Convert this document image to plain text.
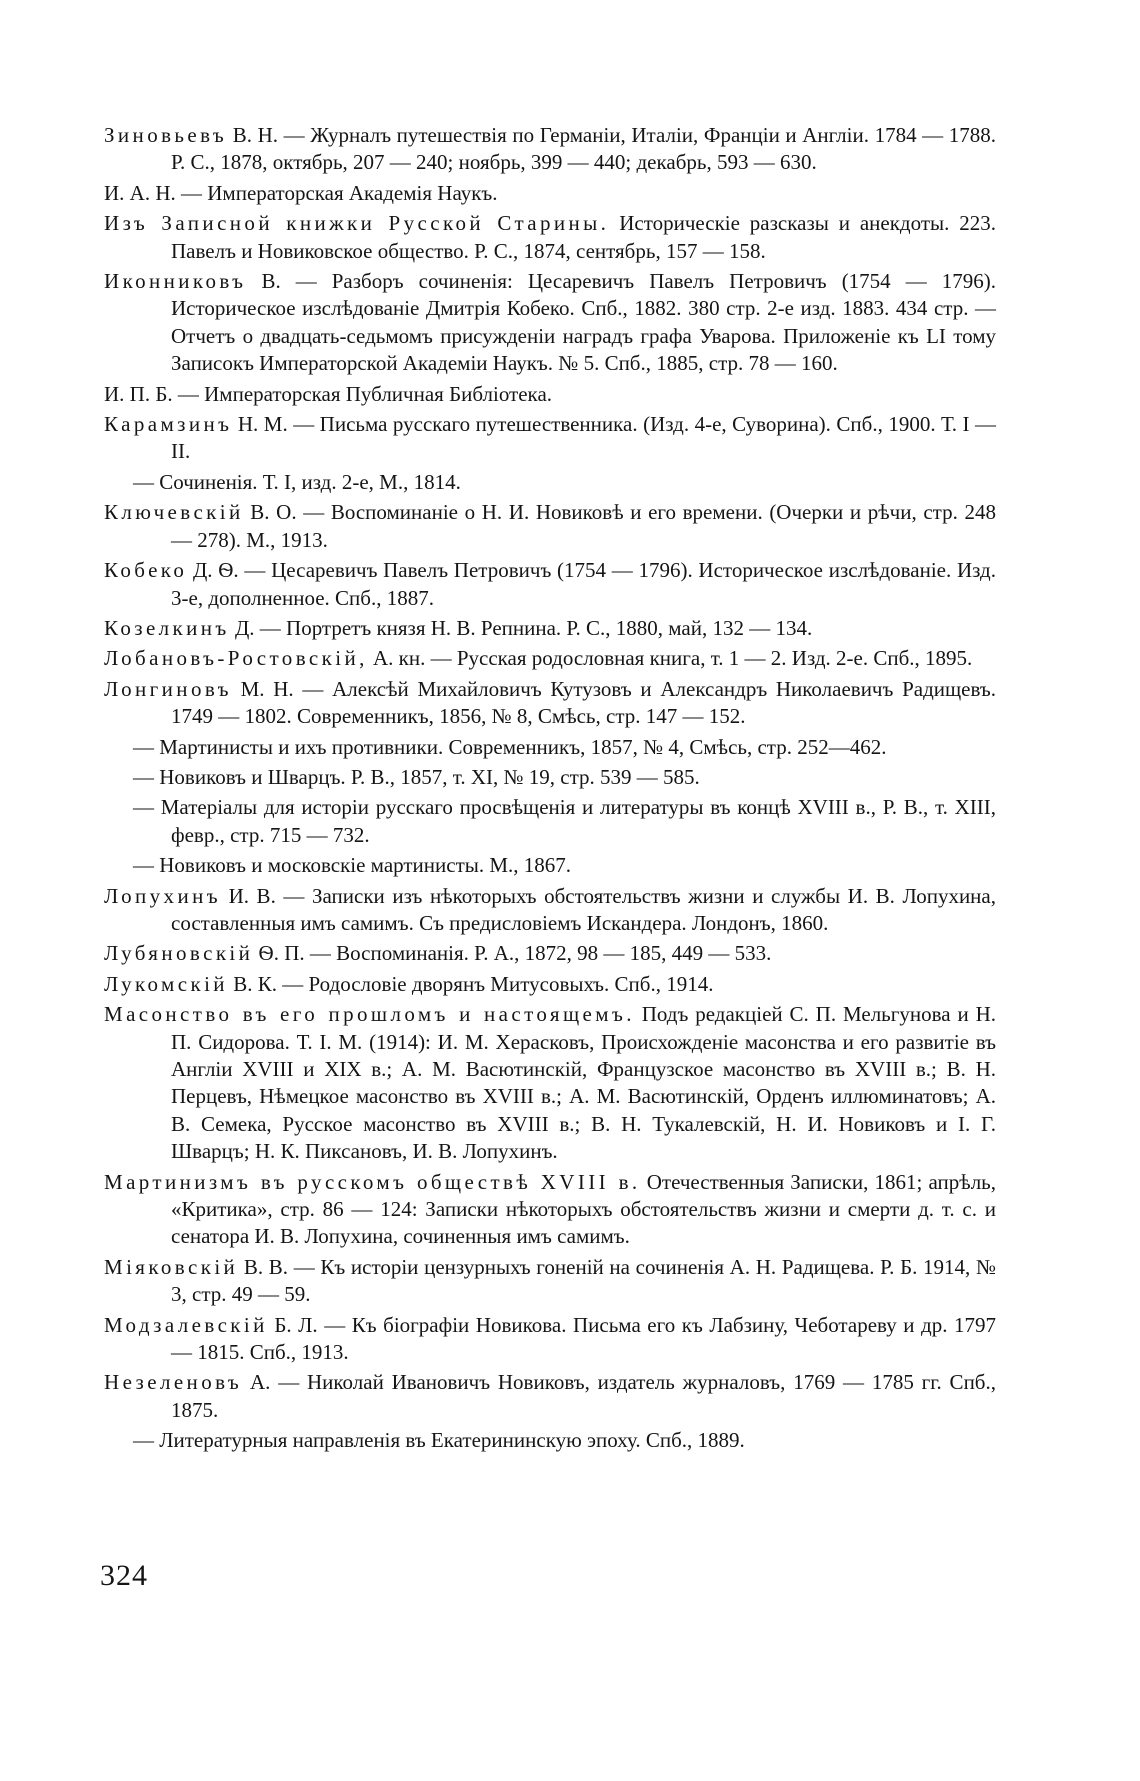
Зиновьевъ В. Н. — Журналъ путешествія по Германіи, Италіи, Франціи и Англіи. 1784 — 1788. Р. С., 1878, октябрь, 207 — 240; ноябрь, 399 — 440; декабрь, 593 — 630.

И. А. Н. — Императорская Академія Наукъ.

Изъ Записной книжки Русской Старины. Историческіе разсказы и анекдоты. 223. Павелъ и Новиковское общество. Р. С., 1874, сентябрь, 157 — 158.

Иконниковъ В. — Разборъ сочиненія: Цесаревичъ Павелъ Петровичъ (1754 — 1796). Историческое изслѣдованіе Дмитрія Кобеко. Спб., 1882. 380 стр. 2-е изд. 1883. 434 стр. — Отчетъ о двадцать-седьмомъ присужденіи наградъ графа Уварова. Приложеніе къ LI тому Записокъ Императорской Академіи Наукъ. № 5. Спб., 1885, стр. 78 — 160.

И. П. Б. — Императорская Публичная Библіотека.

Карамзинъ Н. М. — Письма русскаго путешественника. (Изд. 4-е, Суворина). Спб., 1900. Т. I — II.

— Сочиненія. Т. I, изд. 2-е, М., 1814.

Ключевскій В. О. — Воспоминаніе о Н. И. Новиковѣ и его времени. (Очерки и рѣчи, стр. 248 — 278). М., 1913.

Кобеко Д. Ѳ. — Цесаревичъ Павелъ Петровичъ (1754 — 1796). Историческое изслѣдованіе. Изд. 3-е, дополненное. Спб., 1887.

Козелкинъ Д. — Портретъ князя Н. В. Репнина. Р. С., 1880, май, 132 — 134.

Лобановъ-Ростовскій, А. кн. — Русская родословная книга, т. 1 — 2. Изд. 2-е. Спб., 1895.

Лонгиновъ М. Н. — Алексѣй Михайловичъ Кутузовъ и Александръ Николаевичъ Радищевъ. 1749 — 1802. Современникъ, 1856, № 8, Смѣсь, стр. 147 — 152.

— Мартинисты и ихъ противники. Современникъ, 1857, № 4, Смѣсь, стр. 252—462.

— Новиковъ и Шварцъ. Р. В., 1857, т. XI, № 19, стр. 539 — 585.

— Матеріалы для исторіи русскаго просвѣщенія и литературы въ концѣ XVIII в., Р. В., т. XIII, февр., стр. 715 — 732.

— Новиковъ и московскіе мартинисты. М., 1867.

Лопухинъ И. В. — Записки изъ нѣкоторыхъ обстоятельствъ жизни и службы И. В. Лопухина, составленныя имъ самимъ. Съ предисловіемъ Искандера. Лондонъ, 1860.

Лубяновскій Ѳ. П. — Воспоминанія. Р. А., 1872, 98 — 185, 449 — 533.

Лукомскій В. К. — Родословіе дворянъ Митусовыхъ. Спб., 1914.

Масонство въ его прошломъ и настоящемъ. Подъ редакціей С. П. Мельгунова и Н. П. Сидорова. Т. I. М. (1914): И. М. Херасковъ, Происхожденіе масонства и его развитіе въ Англіи XVIII и XIX в.; А. М. Васютинскій, Французское масонство въ XVIII в.; В. Н. Перцевъ, Нѣмецкое масонство въ XVIII в.; А. М. Васютинскій, Орденъ иллюминатовъ; А. В. Семека, Русское масонство въ XVIII в.; В. Н. Тукалевскій, Н. И. Новиковъ и I. Г. Шварцъ; Н. К. Пиксановъ, И. В. Лопухинъ.

Мартинизмъ въ русскомъ обществѣ XVIII в. Отечественныя Записки, 1861; апрѣль, «Критика», стр. 86 — 124: Записки нѣкоторыхъ обстоятельствъ жизни и смерти д. т. с. и сенатора И. В. Лопухина, сочиненныя имъ самимъ.

Міяковскій В. В. — Къ исторіи цензурныхъ гоненій на сочиненія А. Н. Радищева. Р. Б. 1914, № 3, стр. 49 — 59.

Модзалевскій Б. Л. — Къ біографіи Новикова. Письма его къ Лабзину, Чеботареву и др. 1797 — 1815. Спб., 1913.

Незеленовъ А. — Николай Ивановичъ Новиковъ, издатель журналовъ, 1769 — 1785 гг. Спб., 1875.

— Литературныя направленія въ Екатерининскую эпоху. Спб., 1889.

324
